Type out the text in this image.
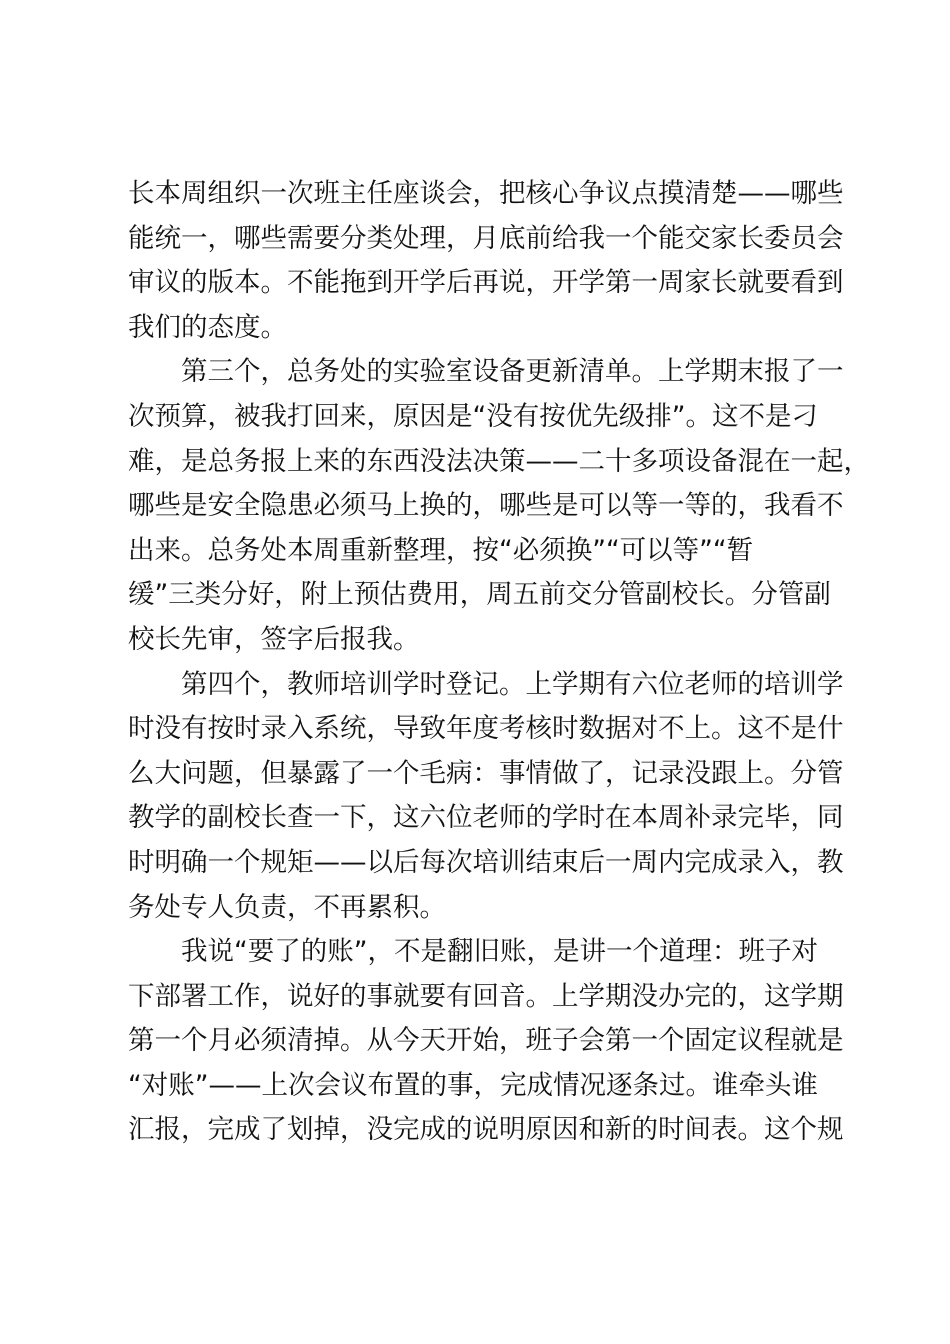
长本周组织一次班主任座谈会，把核心争议点摸清楚——哪些
能统一，哪些需要分类处理，月底前给我一个能交家长委员会
审议的版本。不能拖到开学后再说，开学第一周家长就要看到
我们的态度。
第三个，总务处的实验室设备更新清单。上学期末报了一
次预算，被我打回来，原因是“没有按优先级排”。这不是刁
难，是总务报上来的东西没法决策——二十多项设备混在一起，
哪些是安全隐患必须马上换的，哪些是可以等一等的，我看不
出来。总务处本周重新整理，按“必须换”“可以等”“暂
缓”三类分好，附上预估费用，周五前交分管副校长。分管副
校长先审，签字后报我。
第四个，教师培训学时登记。上学期有六位老师的培训学
时没有按时录入系统，导致年度考核时数据对不上。这不是什
么大问题，但暴露了一个毛病：事情做了，记录没跟上。分管
教学的副校长查一下，这六位老师的学时在本周补录完毕，同
时明确一个规矩——以后每次培训结束后一周内完成录入，教
务处专人负责，不再累积。
我说“要了的账”，不是翻旧账，是讲一个道理：班子对
下部署工作，说好的事就要有回音。上学期没办完的，这学期
第一个月必须清掉。从今天开始，班子会第一个固定议程就是
“对账”——上次会议布置的事，完成情况逐条过。谁牵头谁
汇报，完成了划掉，没完成的说明原因和新的时间表。这个规
